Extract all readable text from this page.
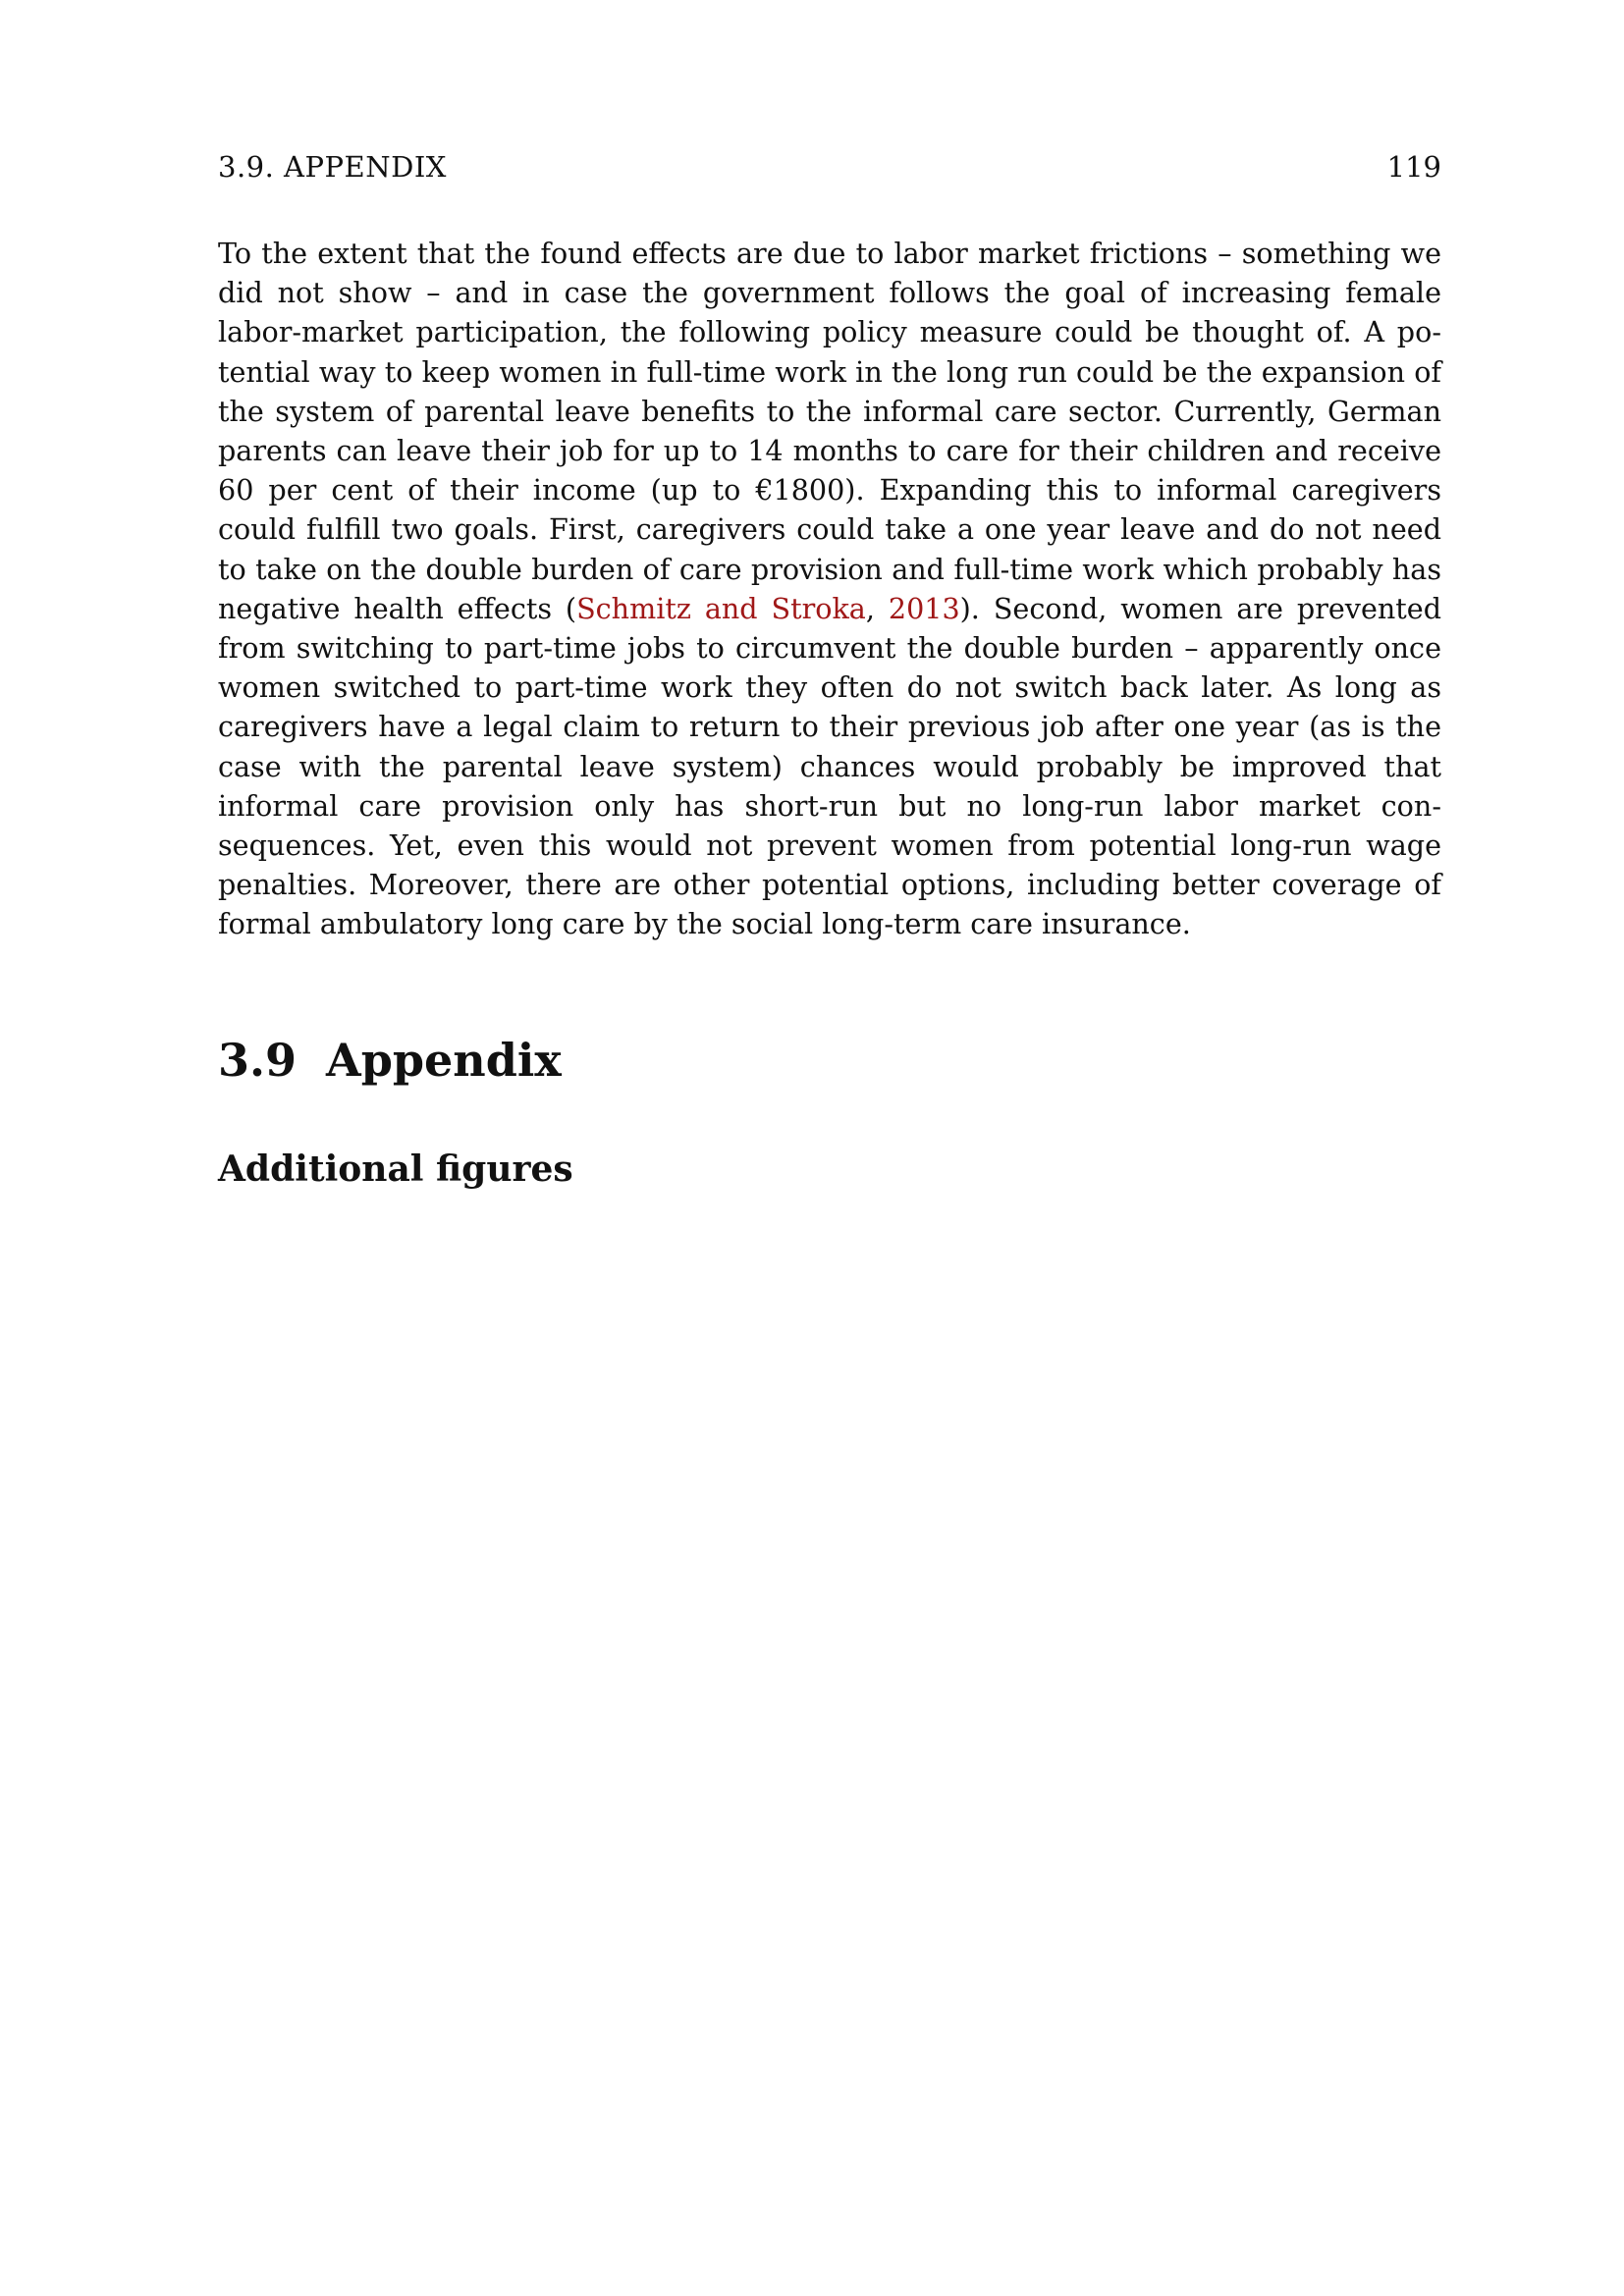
3.9. APPENDIX	119

To the extent that the found effects are due to labor market frictions – something we did not show – and in case the government follows the goal of increasing female labor-market participation, the following policy measure could be thought of. A potential way to keep women in full-time work in the long run could be the expansion of the system of parental leave benefits to the informal care sector. Currently, German parents can leave their job for up to 14 months to care for their children and receive 60 per cent of their income (up to €1800). Expanding this to informal caregivers could fulfill two goals. First, caregivers could take a one year leave and do not need to take on the double burden of care provision and full-time work which probably has negative health effects (Schmitz and Stroka, 2013). Second, women are prevented from switching to part-time jobs to circumvent the double burden – apparently once women switched to part-time work they often do not switch back later. As long as caregivers have a legal claim to return to their previous job after one year (as is the case with the parental leave system) chances would probably be improved that informal care provision only has short-run but no long-run labor market consequences. Yet, even this would not prevent women from potential long-run wage penalties. Moreover, there are other potential options, including better coverage of formal ambulatory long care by the social long-term care insurance.

3.9 Appendix
Additional figures
